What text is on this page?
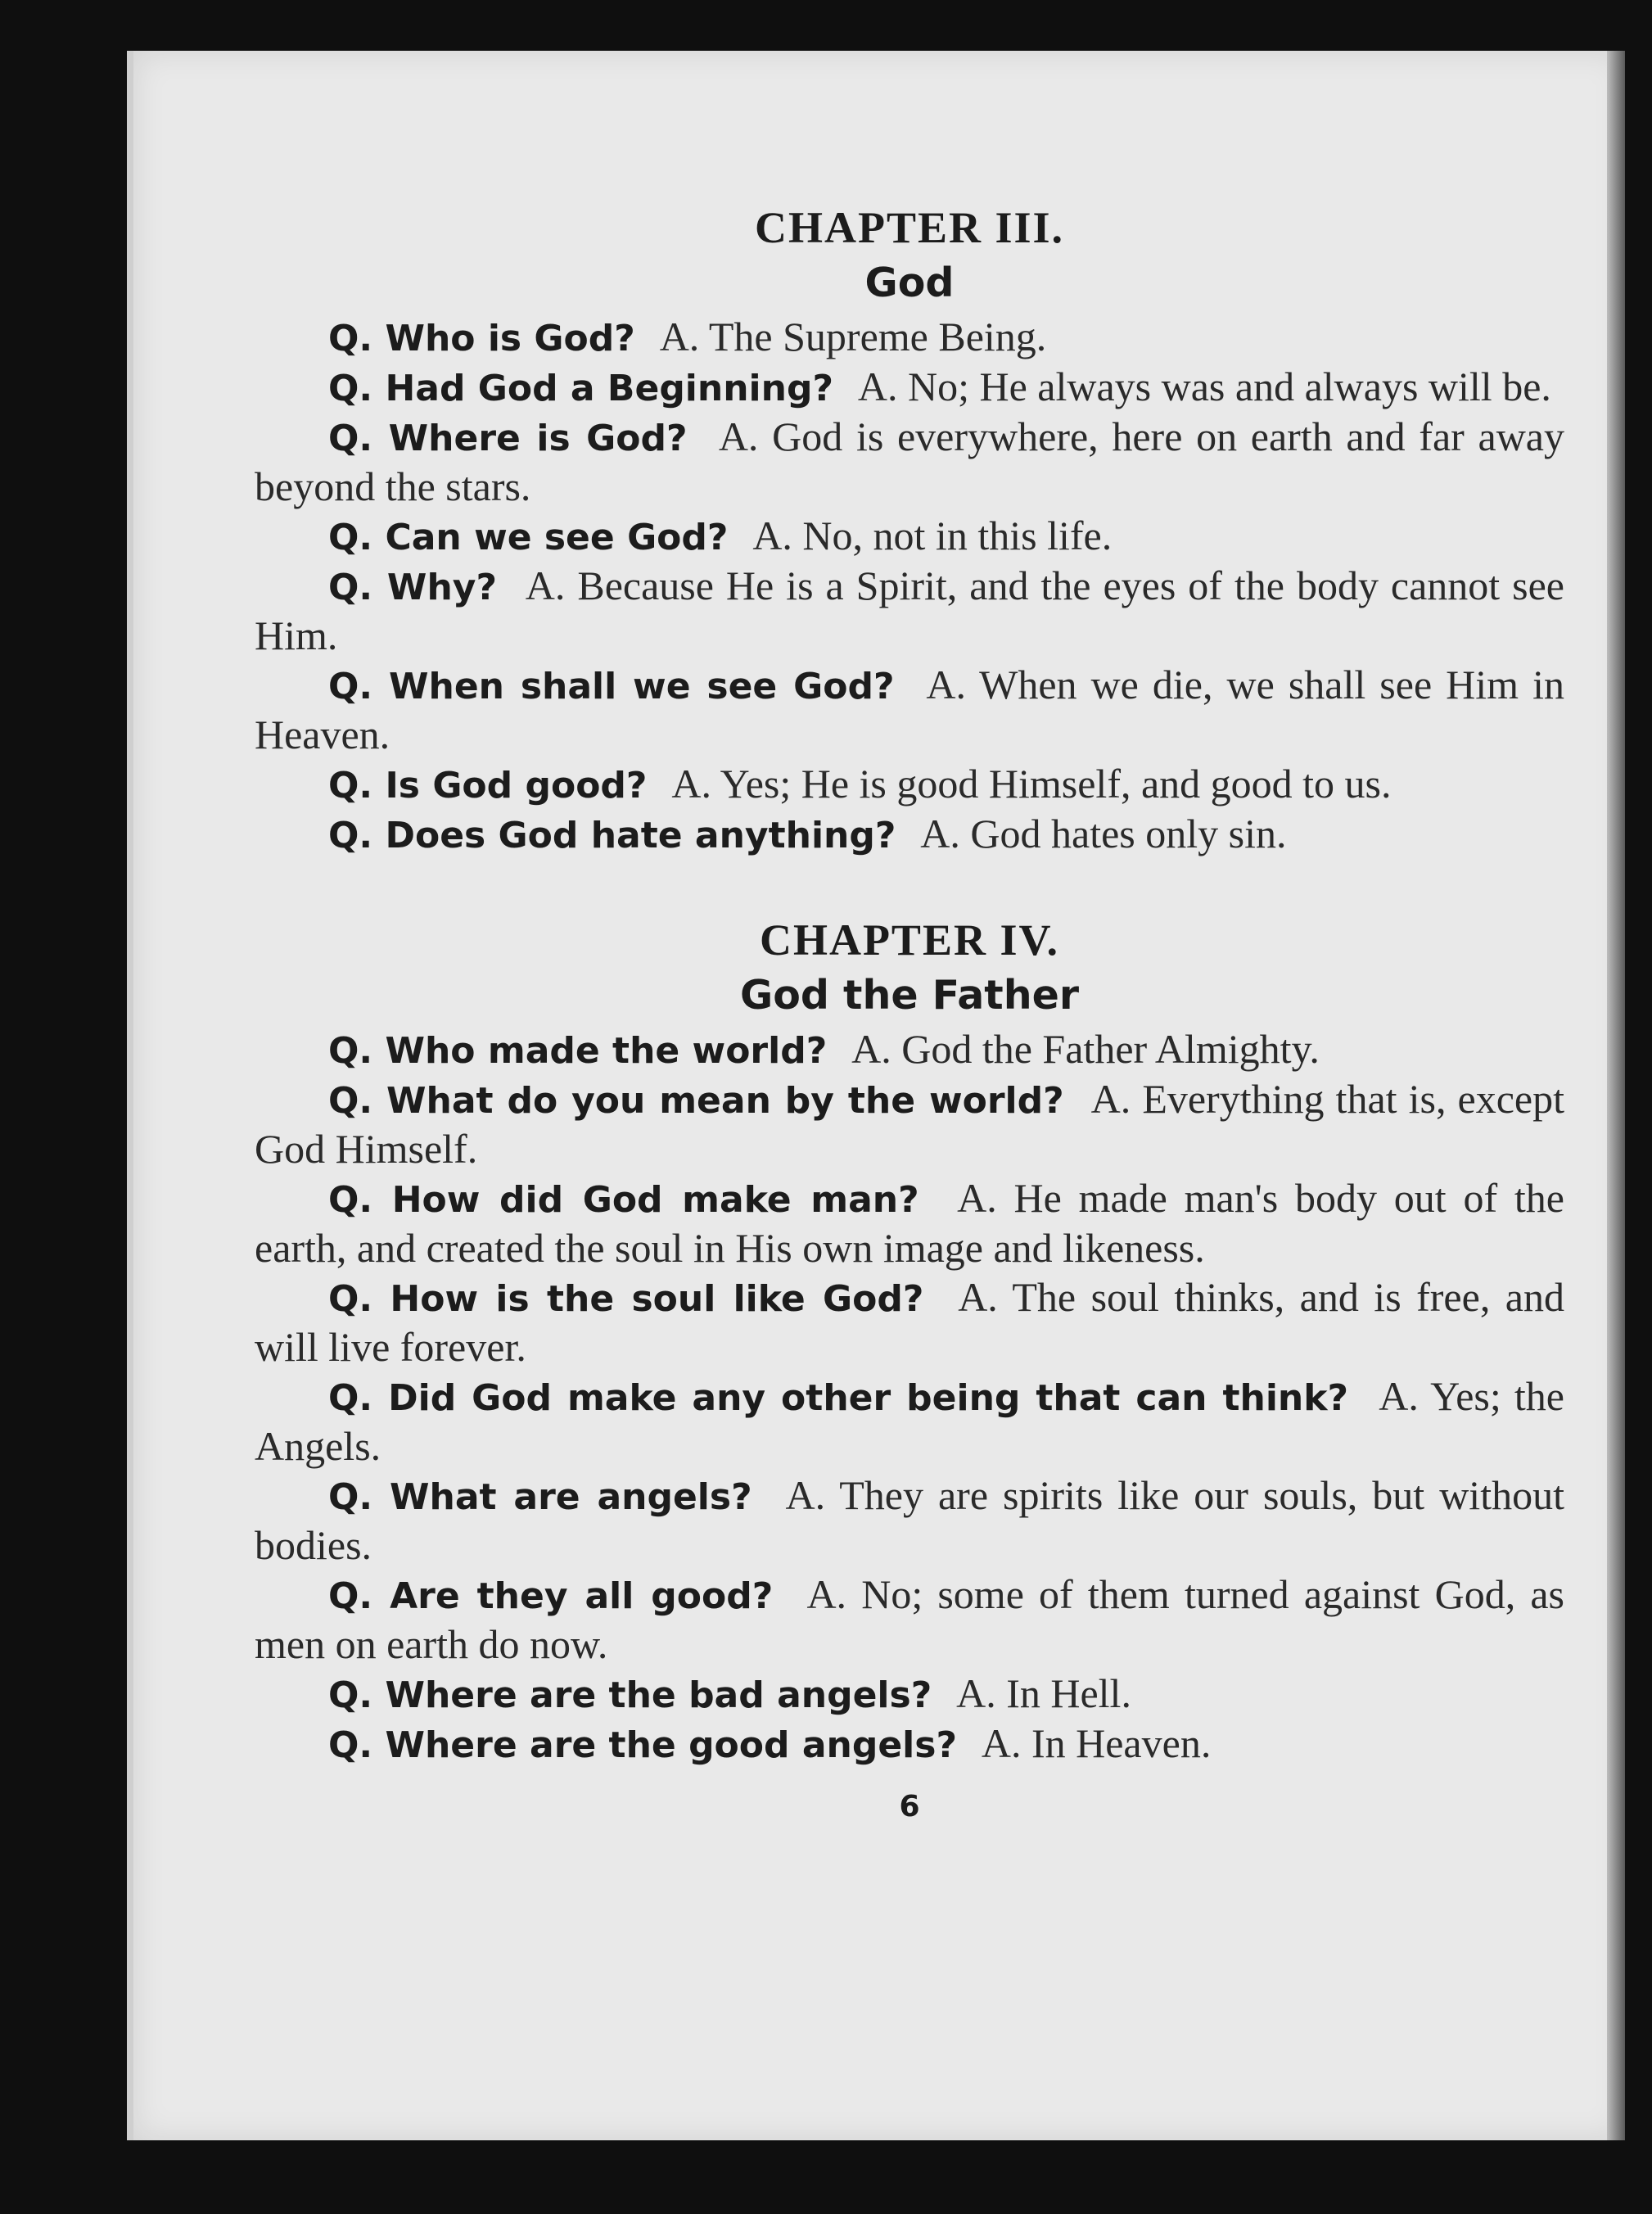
CHAPTER III.
God

Q. Who is God? A. The Supreme Being.

Q. Had God a Beginning? A. No; He always was and always will be.

Q. Where is God? A. God is everywhere, here on earth and far away beyond the stars.

Q. Can we see God? A. No, not in this life.

Q. Why? A. Because He is a Spirit, and the eyes of the body cannot see Him.

Q. When shall we see God? A. When we die, we shall see Him in Heaven.

Q. Is God good? A. Yes; He is good Himself, and good to us.

Q. Does God hate anything? A. God hates only sin.

CHAPTER IV.
God the Father

Q. Who made the world? A. God the Father Almighty.

Q. What do you mean by the world? A. Everything that is, except God Himself.

Q. How did God make man? A. He made man's body out of the earth, and created the soul in His own image and likeness.

Q. How is the soul like God? A. The soul thinks, and is free, and will live forever.

Q. Did God make any other being that can think? A. Yes; the Angels.

Q. What are angels? A. They are spirits like our souls, but without bodies.

Q. Are they all good? A. No; some of them turned against God, as men on earth do now.

Q. Where are the bad angels? A. In Hell.

Q. Where are the good angels? A. In Heaven.

6
